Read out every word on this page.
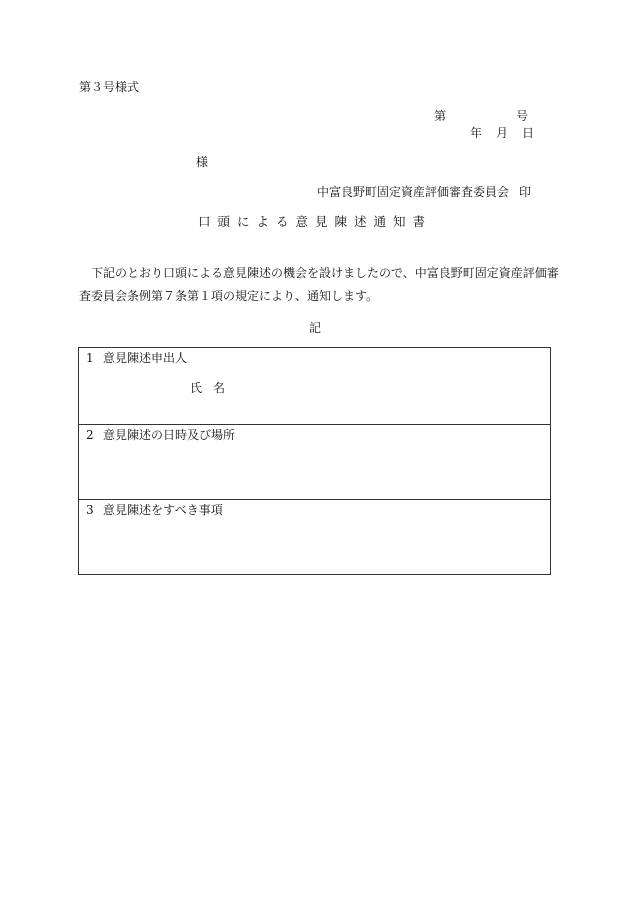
第３号様式
第	号
年　月　日
様
中富良野町固定資産評価審査委員会 印
口頭による意見陳述通知書
下記のとおり口頭による意見陳述の機会を設けましたので、中富良野町固定資産評価審
査委員会条例第７条第１項の規定により、通知します。
記
1 意見陳述申出人
氏 名
2 意見陳述の日時及び場所
3 意見陳述をすべき事項
